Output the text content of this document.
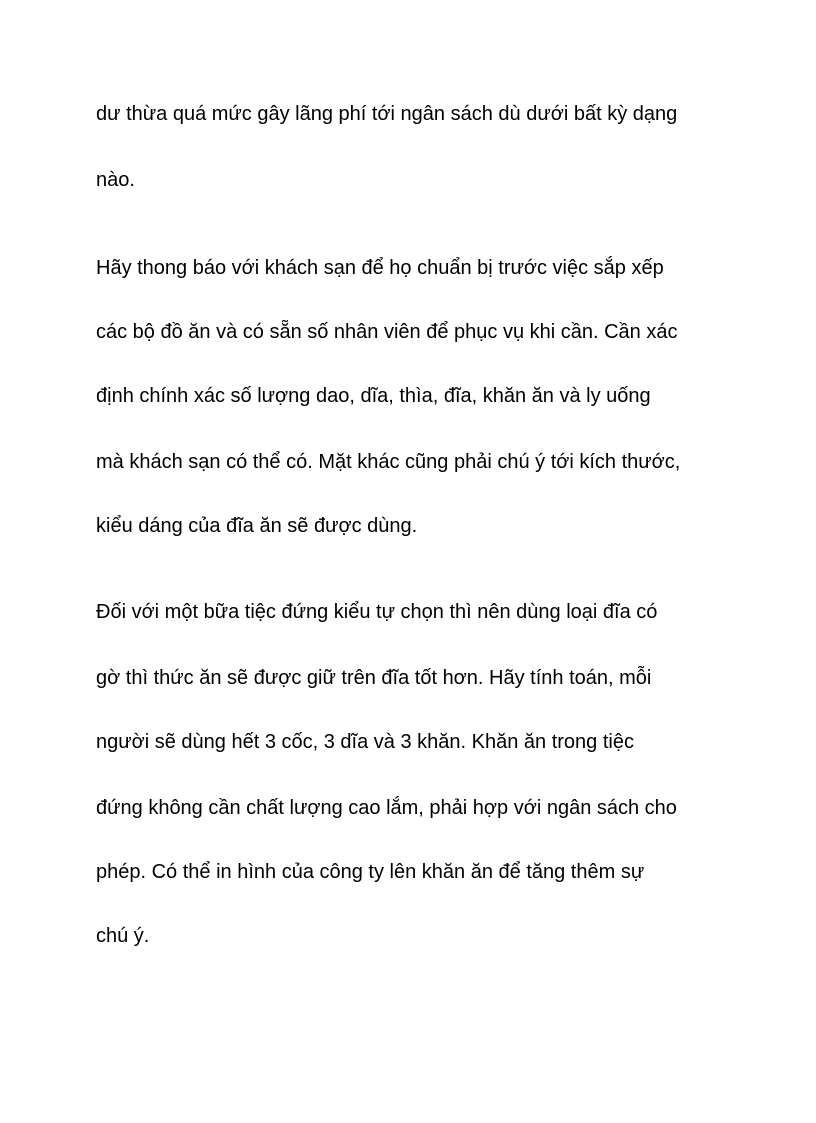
dư thừa quá mức gây lãng phí tới ngân sách dù dưới bất kỳ dạng

nào.

Hãy thong báo với khách sạn để họ chuẩn bị trước việc sắp xếp

các bộ đồ ăn và có sẵn số nhân viên để phục vụ khi cần. Cần xác

định chính xác số lượng dao, dĩa, thìa, đĩa, khăn ăn và ly uống

mà khách sạn có thể có. Mặt khác cũng phải chú ý tới kích thước,

kiểu dáng của đĩa ăn sẽ được dùng.

Đối với một bữa tiệc đứng kiểu tự chọn thì nên dùng loại đĩa có

gờ thì thức ăn sẽ được giữ trên đĩa tốt hơn. Hãy tính toán, mỗi

người sẽ dùng hết 3 cốc, 3 dĩa và 3 khăn. Khăn ăn trong tiệc

đứng không cần chất lượng cao lắm, phải hợp với ngân sách cho

phép. Có thể in hình của công ty lên khăn ăn để tăng thêm sự

chú ý.
